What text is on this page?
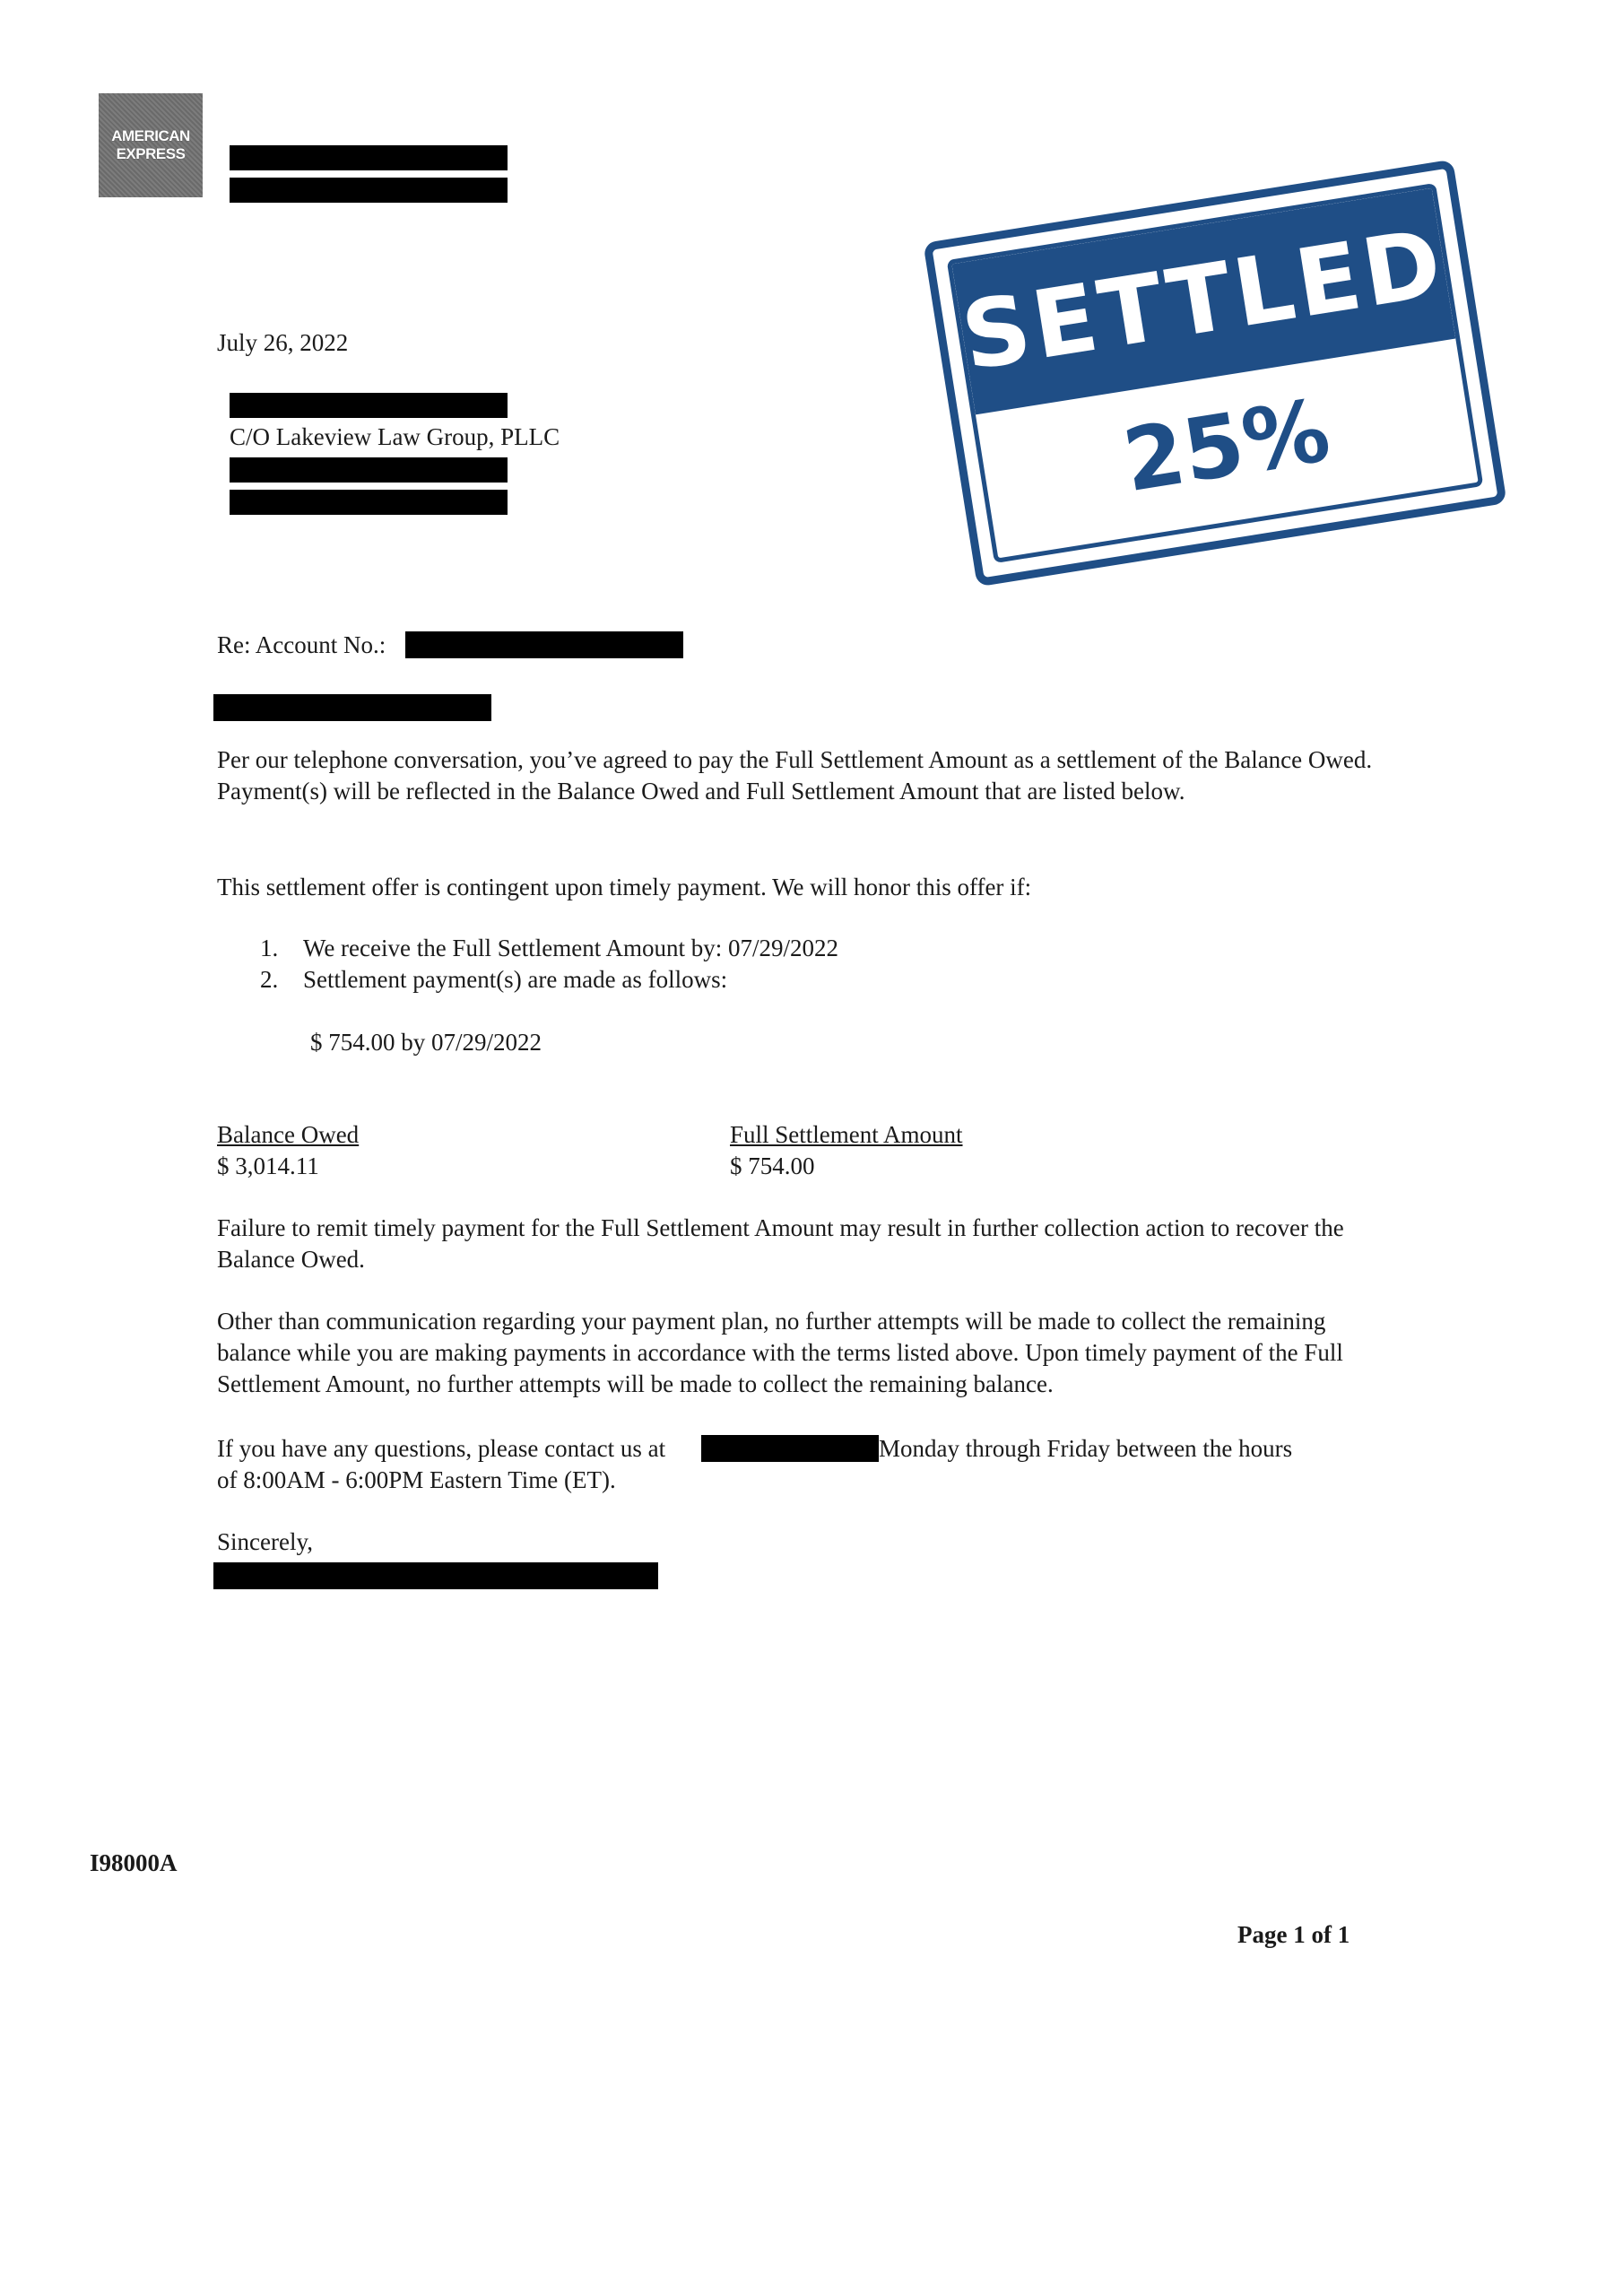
AMERICAN
EXPRESS
SETTLED
25%
July 26, 2022
C/O Lakeview Law Group, PLLC
Re: Account No.:
Per our telephone conversation, you’ve agreed to pay the Full Settlement Amount as a settlement of the Balance Owed. Payment(s) will be reflected in the Balance Owed and Full Settlement Amount that are listed below.
This settlement offer is contingent upon timely payment. We will honor this offer if:
1. We receive the Full Settlement Amount by: 07/29/2022
2. Settlement payment(s) are made as follows:
$ 754.00 by 07/29/2022
Balance Owed
$ 3,014.11
Full Settlement Amount
$ 754.00
Failure to remit timely payment for the Full Settlement Amount may result in further collection action to recover the Balance Owed.
Other than communication regarding your payment plan, no further attempts will be made to collect the remaining balance while you are making payments in accordance with the terms listed above. Upon timely payment of the Full Settlement Amount, no further attempts will be made to collect the remaining balance.
If you have any questions, please contact us at	Monday through Friday between the hours
of 8:00AM - 6:00PM Eastern Time (ET).
Sincerely,
I98000A
Page 1 of 1
